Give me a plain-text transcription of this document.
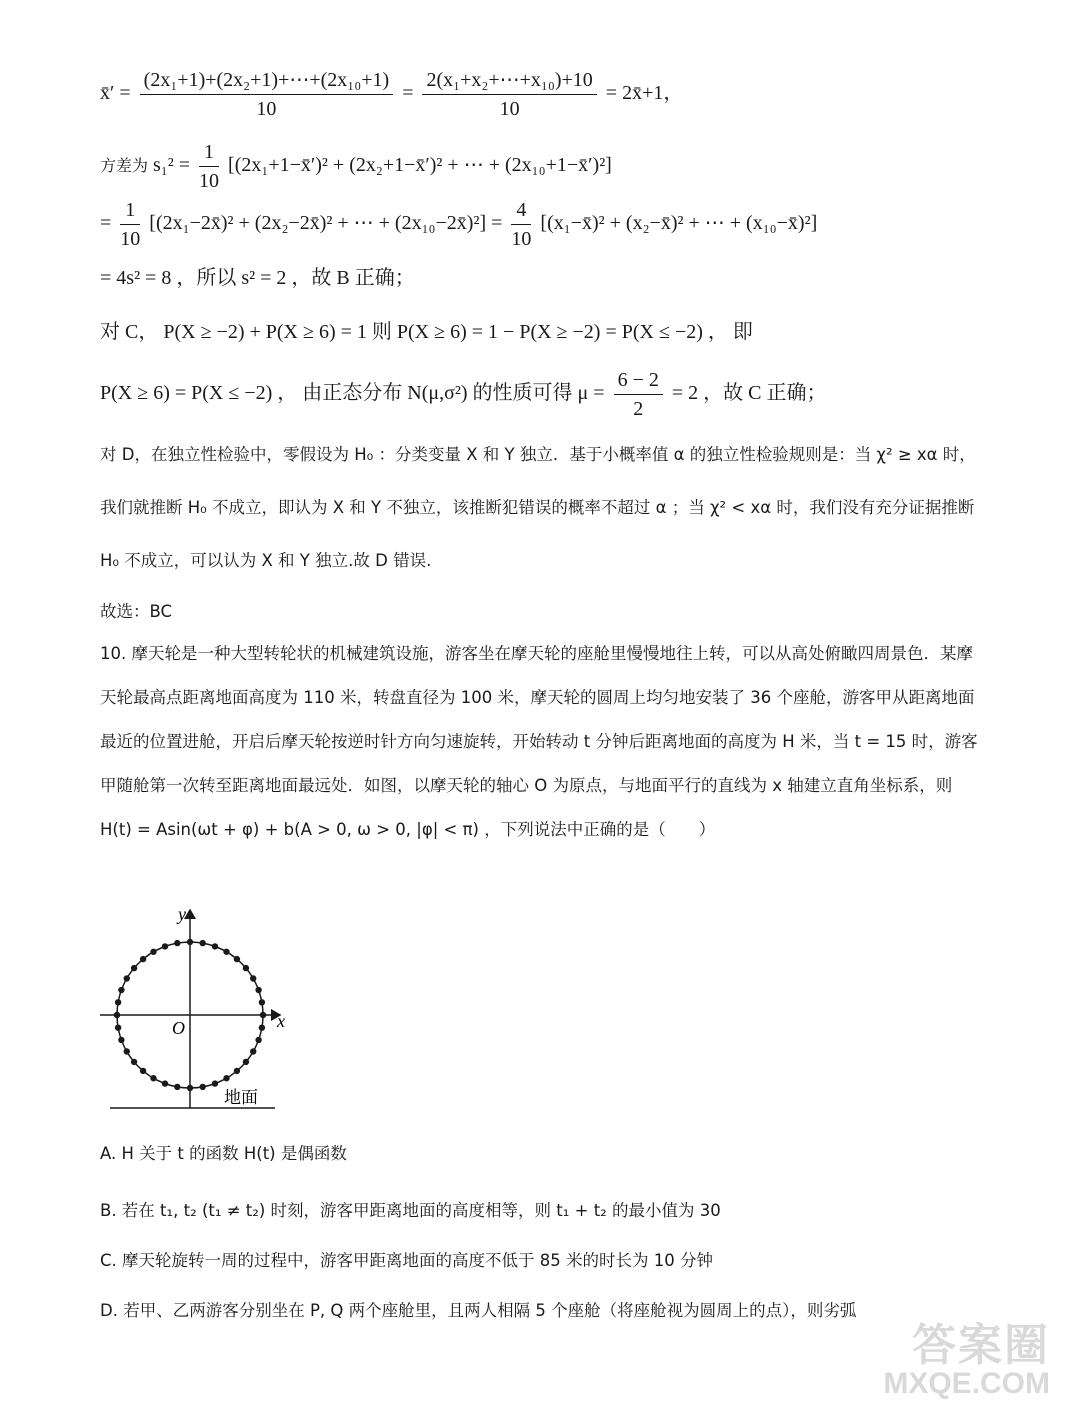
x̄′ = $\frac{\text{(2x₁+1)+(2x₂+1)+⋯+(2x₁₀+1)}}{10} = \frac{\text{2(x₁+x₂+⋯+x₁₀)+10}}{10}$ = 2x̄+1，
方差为 $s_1^2 = \frac{1}{10}$ [(2x₁+1−x̄′)² + (2x₂+1−x̄′)² + ⋯ + (2x₁₀+1−x̄′)²]
= $\frac{1}{10}$ [(2x₁−2x̄)² + (2x₂−2x̄)² + ⋯ + (2x₁₀−2x̄)²] = $\frac{4}{10}$ [(x₁−x̄)² + (x₂−x̄)² + ⋯ + (x₁₀−x̄)²]
= 4s² = 8 ，所以 s² = 2 ，故 B 正确；
对 C， P(X ≥ −2) + P(X ≥ 6) = 1 则 P(X ≥ 6) = 1 − P(X ≥ −2) = P(X ≤ −2) ， 即
P(X ≥ 6) = P(X ≤ −2) ， 由正态分布 N(μ,σ²) 的性质可得 $\mu = \frac{6 - 2}{2} = 2$ ，故 C 正确；
对 D，在独立性检验中，零假设为 H₀ ：分类变量 X 和 Y 独立．基于小概率值 α 的独立性检验规则是：当 χ² ≥ xα 时，我们就推断 H₀ 不成立，即认为 X 和 Y 不独立，该推断犯错误的概率不超过 α ；当 χ² < xα 时，我们没有充分证据推断 H₀ 不成立，可以认为 X 和 Y 独立.故 D 错误.
故选：BC
10. 摩天轮是一种大型转轮状的机械建筑设施，游客坐在摩天轮的座舱里慢慢地往上转，可以从高处俯瞰四周景色．某摩天轮最高点距离地面高度为 110 米，转盘直径为 100 米，摩天轮的圆周上均匀地安装了 36 个座舱，游客甲从距离地面最近的位置进舱，开启后摩天轮按逆时针方向匀速旋转，开始转动 t 分钟后距离地面的高度为 H 米，当 t = 15 时，游客甲随舱第一次转至距离地面最远处．如图，以摩天轮的轴心 O 为原点，与地面平行的直线为 x 轴建立直角坐标系，则 H(t) = Asin(ωt + φ) + b(A > 0, ω > 0, |φ| < π) ，下列说法中正确的是（　　）
y
x
O
地面
A. H 关于 t 的函数 H(t) 是偶函数
B. 若在 t₁, t₂ (t₁ ≠ t₂) 时刻，游客甲距离地面的高度相等，则 t₁ + t₂ 的最小值为 30
C. 摩天轮旋转一周的过程中，游客甲距离地面的高度不低于 85 米的时长为 10 分钟
D. 若甲、乙两游客分别坐在 P, Q 两个座舱里，且两人相隔 5 个座舱（将座舱视为圆周上的点），则劣弧
答案圈
MXQE.COM
